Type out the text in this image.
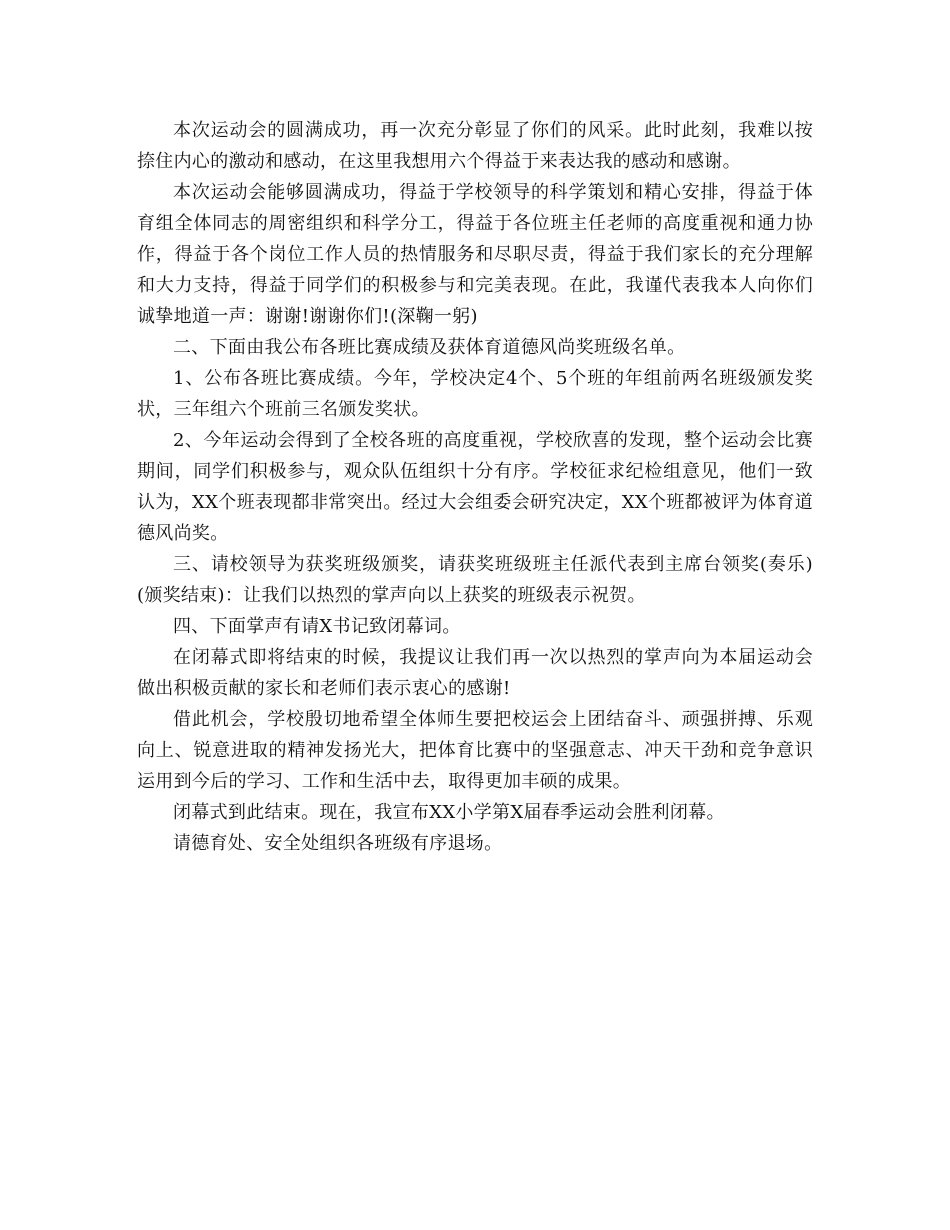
本次运动会的圆满成功，再一次充分彰显了你们的风采。此时此刻，我难以按捺住内心的激动和感动，在这里我想用六个得益于来表达我的感动和感谢。

本次运动会能够圆满成功，得益于学校领导的科学策划和精心安排，得益于体育组全体同志的周密组织和科学分工，得益于各位班主任老师的高度重视和通力协作，得益于各个岗位工作人员的热情服务和尽职尽责，得益于我们家长的充分理解和大力支持，得益于同学们的积极参与和完美表现。在此，我谨代表我本人向你们诚挚地道一声：谢谢!谢谢你们!(深鞠一躬)

二、下面由我公布各班比赛成绩及获体育道德风尚奖班级名单。

1、公布各班比赛成绩。今年，学校决定4个、5个班的年组前两名班级颁发奖状，三年组六个班前三名颁发奖状。

2、今年运动会得到了全校各班的高度重视，学校欣喜的发现，整个运动会比赛期间，同学们积极参与，观众队伍组织十分有序。学校征求纪检组意见，他们一致认为，XX个班表现都非常突出。经过大会组委会研究决定，XX个班都被评为体育道德风尚奖。

三、请校领导为获奖班级颁奖，请获奖班级班主任派代表到主席台领奖(奏乐)(颁奖结束)：让我们以热烈的掌声向以上获奖的班级表示祝贺。

四、下面掌声有请X书记致闭幕词。

在闭幕式即将结束的时候，我提议让我们再一次以热烈的掌声向为本届运动会做出积极贡献的家长和老师们表示衷心的感谢!

借此机会，学校殷切地希望全体师生要把校运会上团结奋斗、顽强拼搏、乐观向上、锐意进取的精神发扬光大，把体育比赛中的坚强意志、冲天干劲和竞争意识运用到今后的学习、工作和生活中去，取得更加丰硕的成果。

闭幕式到此结束。现在，我宣布XX小学第X届春季运动会胜利闭幕。

请德育处、安全处组织各班级有序退场。
